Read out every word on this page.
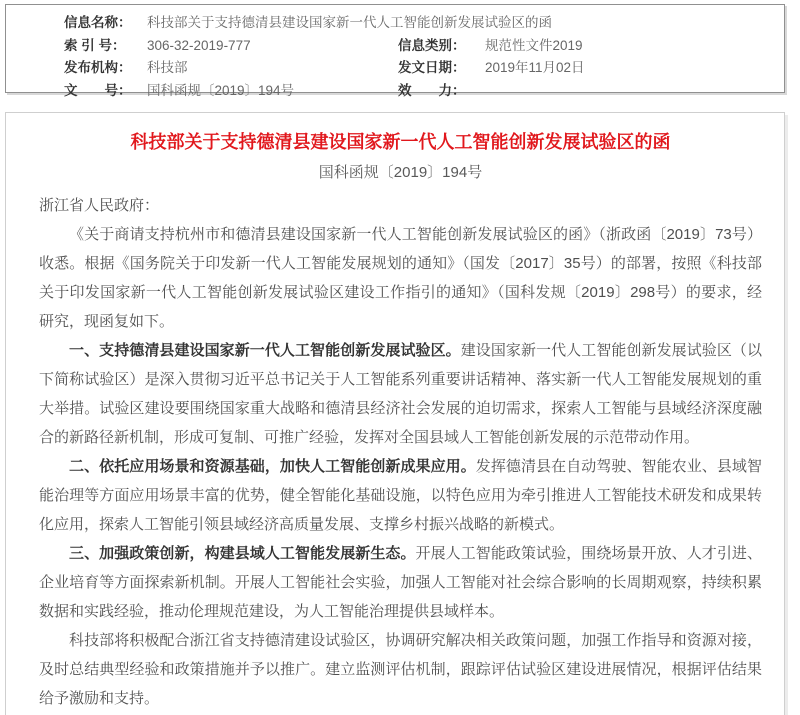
信息名称：	科技部关于支持德清县建设国家新一代人工智能创新发展试验区的函
索 引 号：	306-32-2019-777	信息类别：	规范性文件2019
发布机构：	科技部	发文日期：	2019年11月02日
文　　号：	国科函规〔2019〕194号	效　　力：
科技部关于支持德清县建设国家新一代人工智能创新发展试验区的函
国科函规〔2019〕194号

浙江省人民政府：

《关于商请支持杭州市和德清县建设国家新一代人工智能创新发展试验区的函》（浙政函〔2019〕73号）收悉。根据《国务院关于印发新一代人工智能发展规划的通知》（国发〔2017〕35号）的部署，按照《科技部关于印发国家新一代人工智能创新发展试验区建设工作指引的通知》（国科发规〔2019〕298号）的要求，经研究，现函复如下。

一、支持德清县建设国家新一代人工智能创新发展试验区。建设国家新一代人工智能创新发展试验区（以下简称试验区）是深入贯彻习近平总书记关于人工智能系列重要讲话精神、落实新一代人工智能发展规划的重大举措。试验区建设要围绕国家重大战略和德清县经济社会发展的迫切需求，探索人工智能与县域经济深度融合的新路径新机制，形成可复制、可推广经验，发挥对全国县域人工智能创新发展的示范带动作用。

二、依托应用场景和资源基础，加快人工智能创新成果应用。发挥德清县在自动驾驶、智能农业、县域智能治理等方面应用场景丰富的优势，健全智能化基础设施，以特色应用为牵引推进人工智能技术研发和成果转化应用，探索人工智能引领县域经济高质量发展、支撑乡村振兴战略的新模式。

三、加强政策创新，构建县域人工智能发展新生态。开展人工智能政策试验，围绕场景开放、人才引进、企业培育等方面探索新机制。开展人工智能社会实验，加强人工智能对社会综合影响的长周期观察，持续积累数据和实践经验，推动伦理规范建设，为人工智能治理提供县域样本。

科技部将积极配合浙江省支持德清建设试验区，协调研究解决相关政策问题，加强工作指导和资源对接，及时总结典型经验和政策措施并予以推广。建立监测评估机制，跟踪评估试验区建设进展情况，根据评估结果给予激励和支持。
